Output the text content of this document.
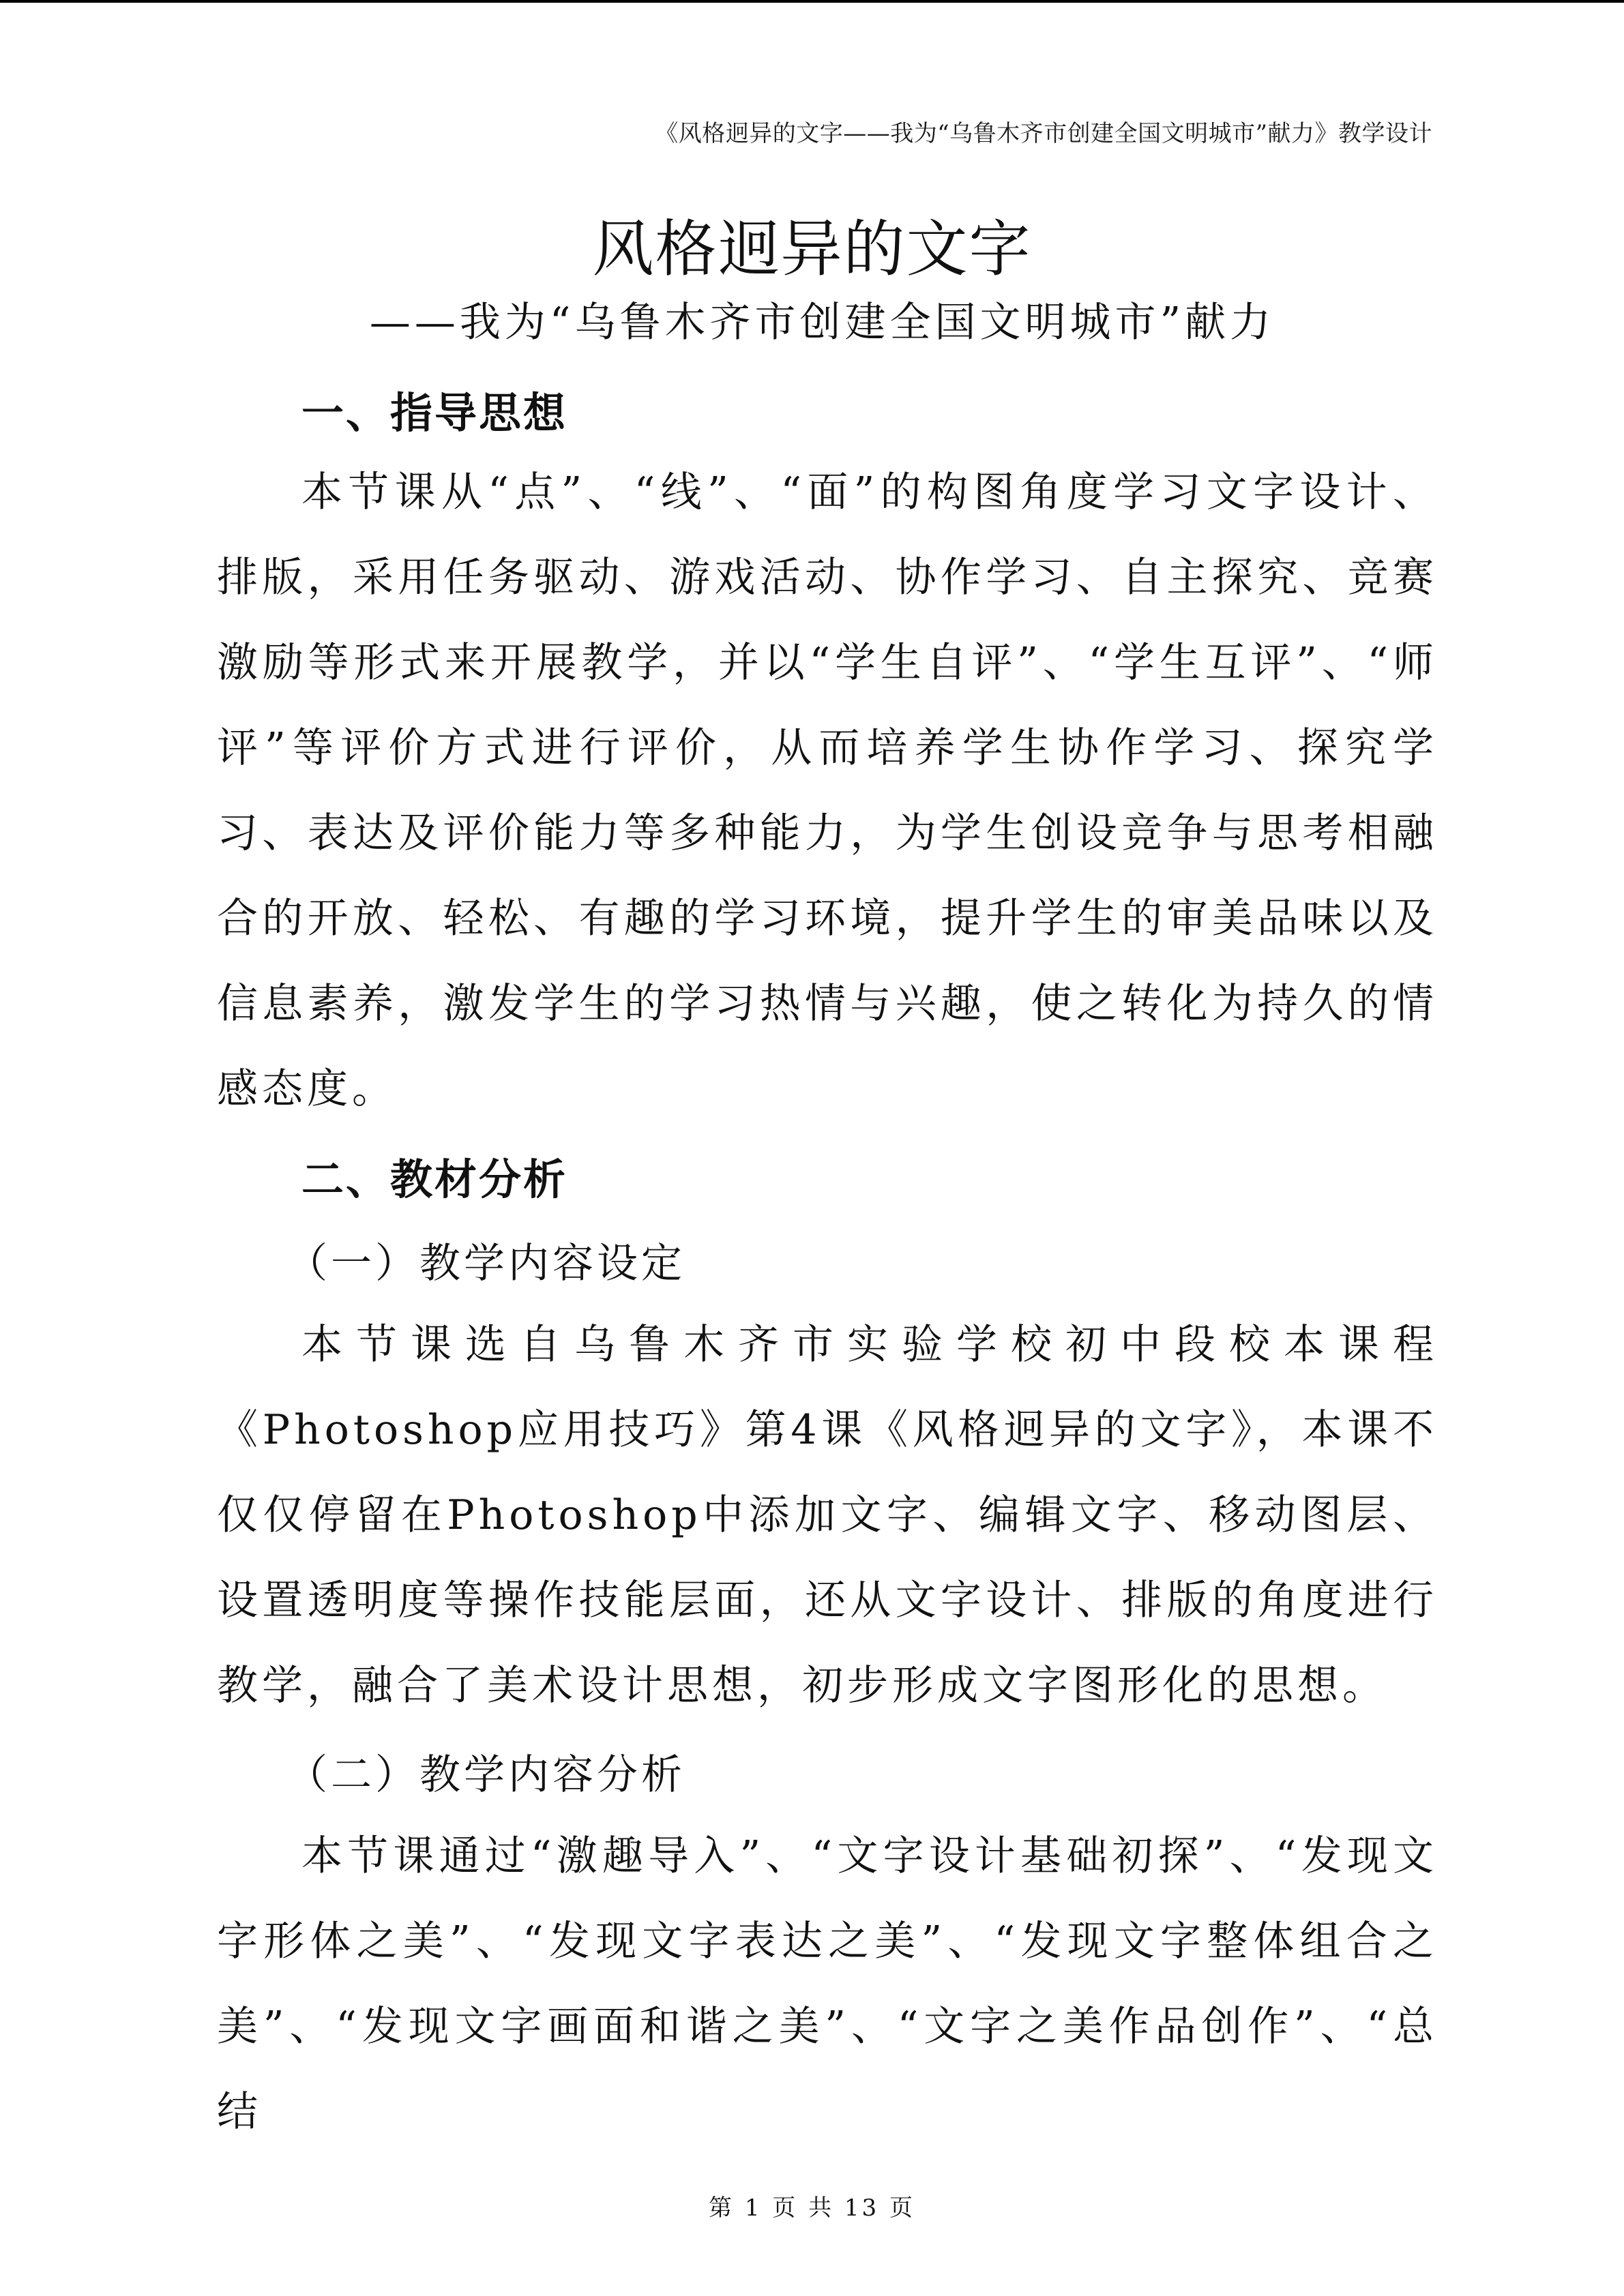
《风格迥异的文字——我为“乌鲁木齐市创建全国文明城市”献力》教学设计
风格迥异的文字
——我为“乌鲁木齐市创建全国文明城市”献力
一、指导思想

本节课从“点”、“线”、“面”的构图角度学习文字设计、排版，采用任务驱动、游戏活动、协作学习、自主探究、竞赛激励等形式来开展教学，并以“学生自评”、“学生互评”、“师评”等评价方式进行评价，从而培养学生协作学习、探究学习、表达及评价能力等多种能力，为学生创设竞争与思考相融合的开放、轻松、有趣的学习环境，提升学生的审美品味以及信息素养，激发学生的学习热情与兴趣，使之转化为持久的情感态度。

二、教材分析
（一）教学内容设定

本节课选自乌鲁木齐市实验学校初中段校本课程《Photoshop应用技巧》第4课《风格迥异的文字》，本课不仅仅停留在Photoshop中添加文字、编辑文字、移动图层、设置透明度等操作技能层面，还从文字设计、排版的角度进行教学，融合了美术设计思想，初步形成文字图形化的思想。

（二）教学内容分析

本节课通过“激趣导入”、“文字设计基础初探”、“发现文字形体之美”、“发现文字表达之美”、“发现文字整体组合之美”、“发现文字画面和谐之美”、“文字之美作品创作”、“总结

第 1 页 共 13 页
